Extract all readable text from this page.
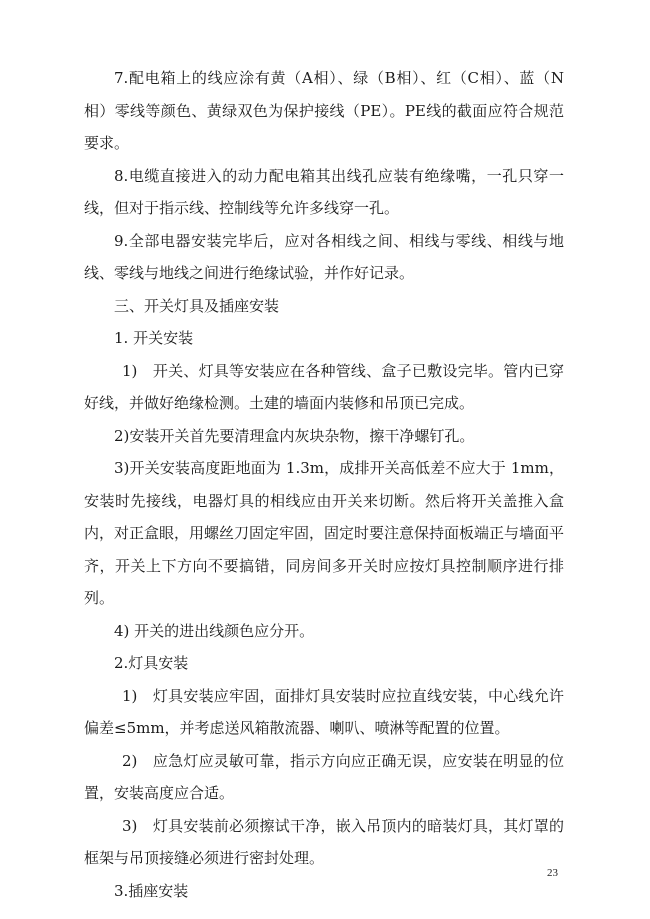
7.配电箱上的线应涂有黄（A相）、绿（B相）、红（C相）、蓝（N相）零线等颜色、黄绿双色为保护接线（PE）。PE线的截面应符合规范要求。

8.电缆直接进入的动力配电箱其出线孔应装有绝缘嘴，一孔只穿一线，但对于指示线、控制线等允许多线穿一孔。

9.全部电器安装完毕后，应对各相线之间、相线与零线、相线与地线、零线与地线之间进行绝缘试验，并作好记录。

三、开关灯具及插座安装

1. 开关安装

1)　开关、灯具等安装应在各种管线、盒子已敷设完毕。管内已穿好线，并做好绝缘检测。土建的墙面内装修和吊顶已完成。

2)安装开关首先要清理盒内灰块杂物，擦干净螺钉孔。

3)开关安装高度距地面为 1.3m，成排开关高低差不应大于 1mm，安装时先接线，电器灯具的相线应由开关来切断。然后将开关盖推入盒内，对正盒眼，用螺丝刀固定牢固，固定时要注意保持面板端正与墙面平齐，开关上下方向不要搞错，同房间多开关时应按灯具控制顺序进行排列。

4) 开关的进出线颜色应分开。

2.灯具安装

1)　灯具安装应牢固，面排灯具安装时应拉直线安装，中心线允许偏差≤5mm，并考虑送风箱散流器、喇叭、喷淋等配置的位置。

2)　应急灯应灵敏可靠，指示方向应正确无误，应安装在明显的位置，安装高度应合适。

3)　灯具安装前必须擦试干净，嵌入吊顶内的暗装灯具，其灯罩的框架与吊顶接缝必须进行密封处理。

3.插座安装

23
